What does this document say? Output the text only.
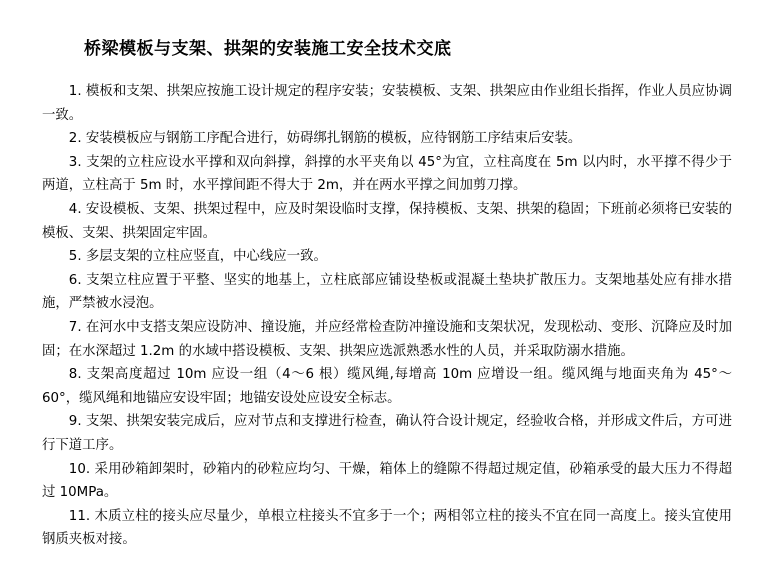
桥梁模板与支架、拱架的安装施工安全技术交底

1. 模板和支架、拱架应按施工设计规定的程序安装；安装模板、支架、拱架应由作业组长指挥，作业人员应协调一致。

2. 安装模板应与钢筋工序配合进行，妨碍绑扎钢筋的模板，应待钢筋工序结束后安装。

3. 支架的立柱应设水平撑和双向斜撑，斜撑的水平夹角以 45°为宜，立柱高度在 5m 以内时，水平撑不得少于两道，立柱高于 5m 时，水平撑间距不得大于 2m，并在两水平撑之间加剪刀撑。

4. 安设模板、支架、拱架过程中，应及时架设临时支撑，保持模板、支架、拱架的稳固；下班前必须将已安装的模板、支架、拱架固定牢固。

5. 多层支架的立柱应竖直，中心线应一致。

6. 支架立柱应置于平整、坚实的地基上，立柱底部应铺设垫板或混凝土垫块扩散压力。支架地基处应有排水措施，严禁被水浸泡。

7. 在河水中支搭支架应设防冲、撞设施，并应经常检查防冲撞设施和支架状况，发现松动、变形、沉降应及时加固；在水深超过 1.2m 的水域中搭设模板、支架、拱架应选派熟悉水性的人员，并采取防溺水措施。

8. 支架高度超过 10m 应设一组（4～6 根）缆风绳,每增高 10m 应增设一组。缆风绳与地面夹角为 45°～60°，缆风绳和地锚应安设牢固；地锚安设处应设安全标志。

9. 支架、拱架安装完成后，应对节点和支撑进行检查，确认符合设计规定，经验收合格，并形成文件后，方可进行下道工序。

10. 采用砂箱卸架时，砂箱内的砂粒应均匀、干燥，箱体上的缝隙不得超过规定值，砂箱承受的最大压力不得超过 10MPa。

11. 木质立柱的接头应尽量少，单根立柱接头不宜多于一个；两相邻立柱的接头不宜在同一高度上。接头宜使用钢质夹板对接。
